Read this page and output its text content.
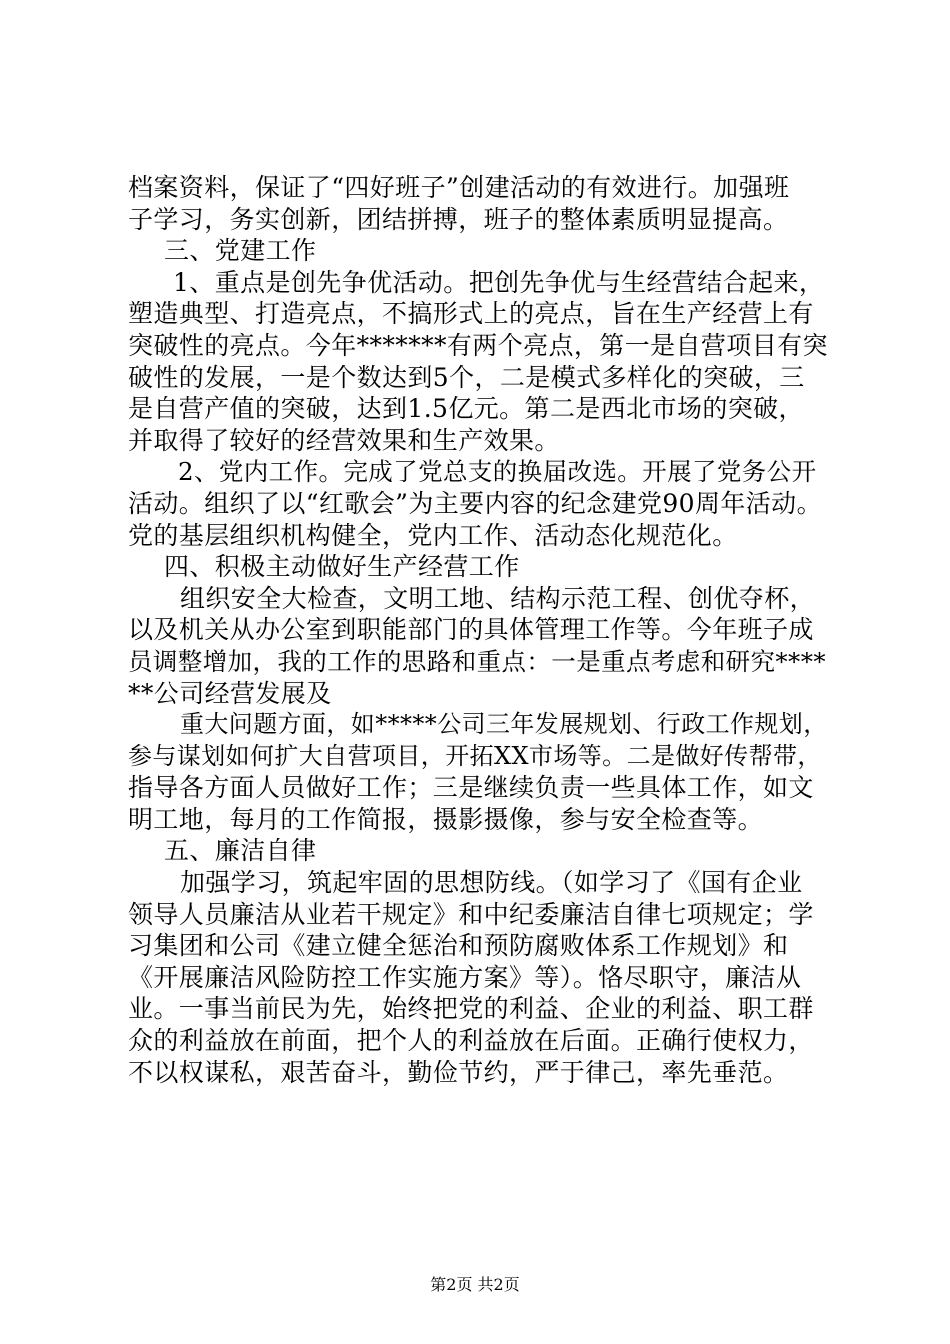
档案资料，保证了“四好班子”创建活动的有效进行。加强班
子学习，务实创新，团结拼搏，班子的整体素质明显提高。
三、党建工作
1、重点是创先争优活动。把创先争优与生经营结合起来，
塑造典型、打造亮点，不搞形式上的亮点，旨在生产经营上有
突破性的亮点。今年*******有两个亮点，第一是自营项目有突
破性的发展，一是个数达到5个，二是模式多样化的突破，三
是自营产值的突破，达到1.5亿元。第二是西北市场的突破，
并取得了较好的经营效果和生产效果。
2、党内工作。完成了党总支的换届改选。开展了党务公开
活动。组织了以“红歌会”为主要内容的纪念建党90周年活动。
党的基层组织机构健全，党内工作、活动态化规范化。
四、积极主动做好生产经营工作
组织安全大检查，文明工地、结构示范工程、创优夺杯，
以及机关从办公室到职能部门的具体管理工作等。今年班子成
员调整增加，我的工作的思路和重点：一是重点考虑和研究****
**公司经营发展及
重大问题方面，如*****公司三年发展规划、行政工作规划，
参与谋划如何扩大自营项目，开拓XX市场等。二是做好传帮带，
指导各方面人员做好工作；三是继续负责一些具体工作，如文
明工地，每月的工作简报，摄影摄像，参与安全检查等。
五、廉洁自律
加强学习，筑起牢固的思想防线。（如学习了《国有企业
领导人员廉洁从业若干规定》和中纪委廉洁自律七项规定；学
习集团和公司《建立健全惩治和预防腐败体系工作规划》和
《开展廉洁风险防控工作实施方案》等）。恪尽职守，廉洁从
业。一事当前民为先，始终把党的利益、企业的利益、职工群
众的利益放在前面，把个人的利益放在后面。正确行使权力，
不以权谋私，艰苦奋斗，勤俭节约，严于律己，率先垂范。
第2页 共2页
